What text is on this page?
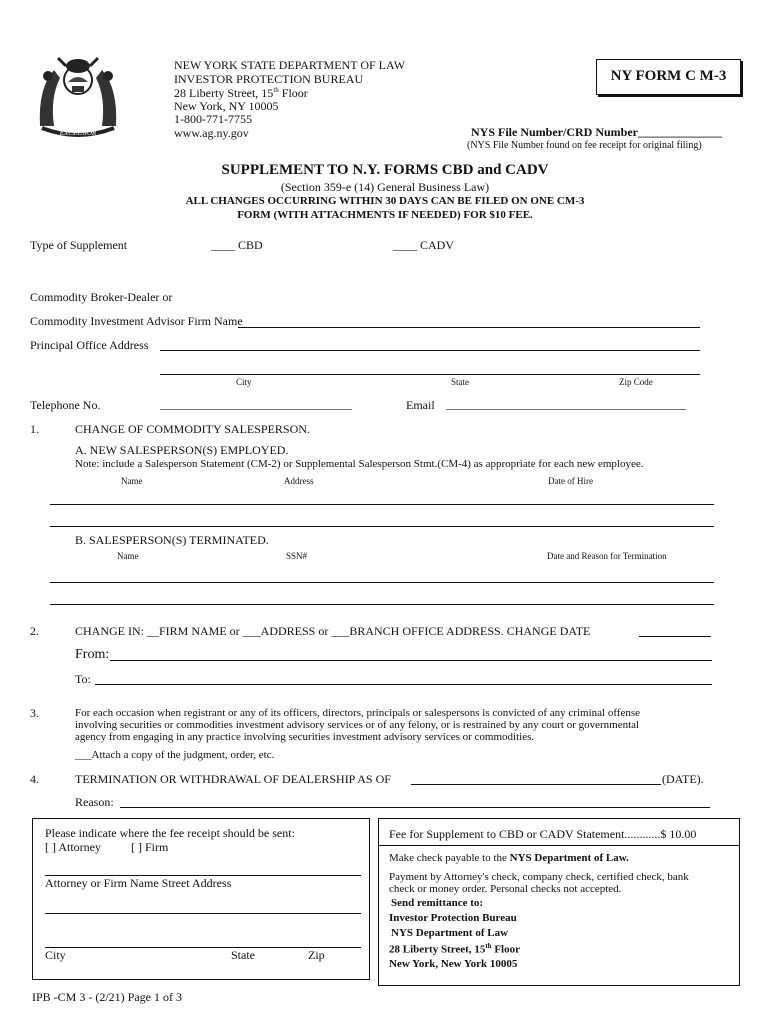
EXCELSIOR
NEW YORK STATE DEPARTMENT OF LAW
INVESTOR PROTECTION BUREAU
28 Liberty Street, 15th Floor
New York, NY 10005
1-800-771-7755
www.ag.ny.gov
NY FORM C M-3
NYS File Number/CRD Number______________
(NYS File Number found on fee receipt for original filing)
SUPPLEMENT TO N.Y. FORMS CBD and CADV
(Section 359-e (14) General Business Law)
ALL CHANGES OCCURRING WITHIN 30 DAYS CAN BE FILED ON ONE CM-3
FORM (WITH ATTACHMENTS IF NEEDED) FOR $10 FEE.
Type of Supplement	____ CBD	____ CADV
Commodity Broker-Dealer or
Commodity Investment Advisor Firm Name
Principal Office Address
City	State	Zip Code
Telephone No.	________________________________	Email ________________________________________
1.	CHANGE OF COMMODITY SALESPERSON.
A. NEW SALESPERSON(S) EMPLOYED.
Note: include a Salesperson Statement (CM-2) or Supplemental Salesperson Stmt.(CM-4) as appropriate for each new employee.
Name	Address	Date of Hire
B. SALESPERSON(S) TERMINATED.
Name	SSN#	Date and Reason for Termination
2.	CHANGE IN: __FIRM NAME or ___ADDRESS or ___BRANCH OFFICE ADDRESS. CHANGE DATE
From:
To:
3.	For each occasion when registrant or any of its officers, directors, principals or salespersons is convicted of any criminal offense
involving securities or commodities investment advisory services or of any felony, or is restrained by any court or governmental
agency from engaging in any practice involving securities investment advisory services or commodities.
___Attach a copy of the judgment, order, etc.
4.	TERMINATION OR WITHDRAWAL OF DEALERSHIP AS OF	(DATE).
Reason:
Please indicate where the fee receipt should be sent:
[ ] Attorney	[ ] Firm
Attorney or Firm Name Street Address
City	State	Zip
Fee for Supplement to CBD or CADV Statement............$ 10.00
Make check payable to the NYS Department of Law.
Payment by Attorney's check, company check, certified check, bank
check or money order. Personal checks not accepted.
Send remittance to:
Investor Protection Bureau
NYS Department of Law
28 Liberty Street, 15th Floor
New York, New York 10005
IPB -CM 3 - (2/21) Page 1 of 3
